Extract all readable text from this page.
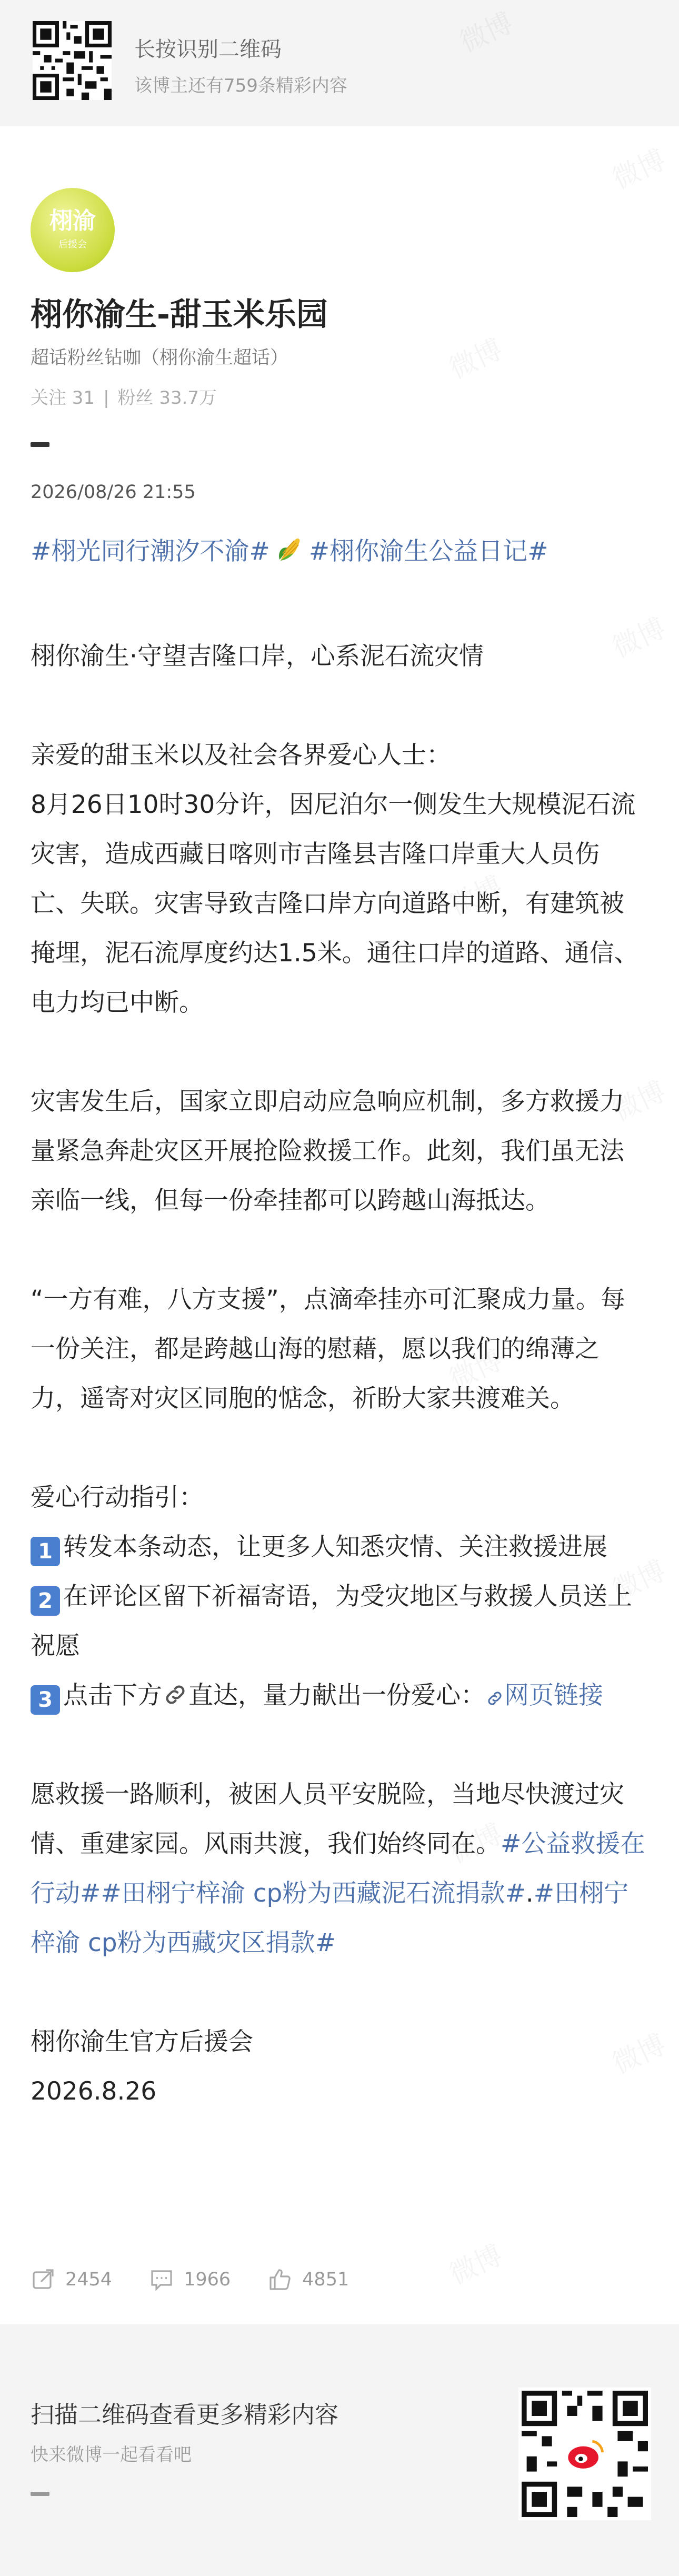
长按识别二维码
该博主还有759条精彩内容
栩渝
后援会
栩你渝生-甜玉米乐园
超话粉丝钻咖（栩你渝生超话）
关注 31 | 粉丝 33.7万
2026/08/26 21:55
#栩光同行潮汐不渝# #栩你渝生公益日记#

栩你渝生·守望吉隆口岸，心系泥石流灾情

亲爱的甜玉米以及社会各界爱心人士：

8月26日10时30分许，因尼泊尔一侧发生大规模泥石流灾害，造成西藏日喀则市吉隆县吉隆口岸重大人员伤亡、失联。灾害导致吉隆口岸方向道路中断，有建筑被掩埋，泥石流厚度约达1.5米。通往口岸的道路、通信、电力均已中断。

灾害发生后，国家立即启动应急响应机制，多方救援力量紧急奔赴灾区开展抢险救援工作。此刻，我们虽无法亲临一线，但每一份牵挂都可以跨越山海抵达。

“一方有难，八方支援”，点滴牵挂亦可汇聚成力量。每一份关注，都是跨越山海的慰藉，愿以我们的绵薄之力，遥寄对灾区同胞的惦念，祈盼大家共渡难关。

爱心行动指引：

1 转发本条动态，让更多人知悉灾情、关注救援进展

2 在评论区留下祈福寄语，为受灾地区与救援人员送上祝愿

3 点击下方 直达，量力献出一份爱心： 网页链接

愿救援一路顺利，被困人员平安脱险，当地尽快渡过灾情、重建家园。风雨共渡，我们始终同在。#公益救援在行动##田栩宁梓渝 cp粉为西藏泥石流捐款#.#田栩宁梓渝 cp粉为西藏灾区捐款#

栩你渝生官方后援会

2026.8.26

2454	1966	4851
扫描二维码查看更多精彩内容
快来微博一起看看吧
